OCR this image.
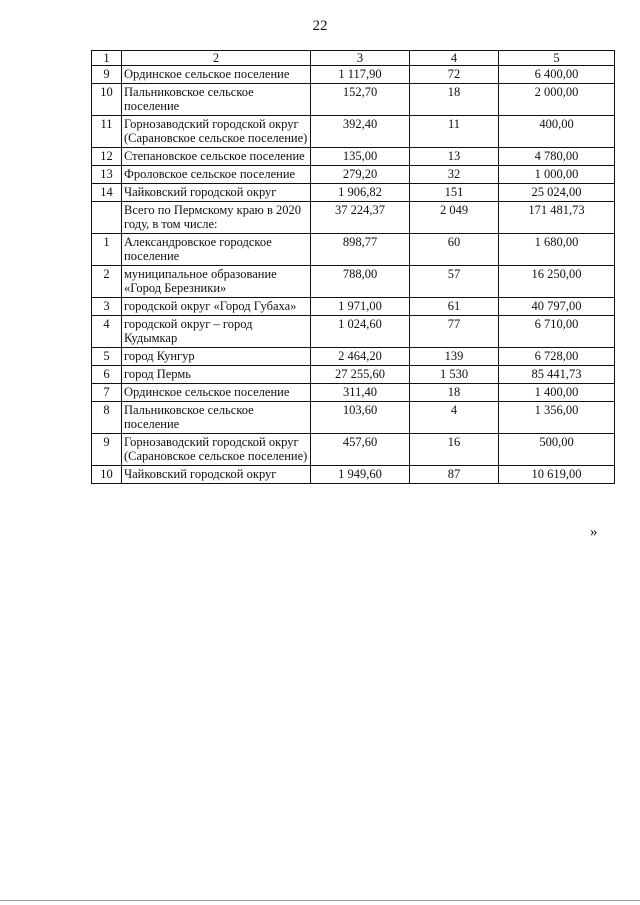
22
1	2	3	4	5
9	Ординское сельское поселение	1 117,90	72	6 400,00
10	Пальниковское сельское поселение	152,70	18	2 000,00
11	Горнозаводский городской округ (Сарановское сельское поселение)	392,40	11	400,00
12	Степановское сельское поселение	135,00	13	4 780,00
13	Фроловское сельское поселение	279,20	32	1 000,00
14	Чайковский городской округ	1 906,82	151	25 024,00
	Всего по Пермскому краю в 2020 году, в том числе:	37 224,37	2 049	171 481,73
1	Александровское городское поселение	898,77	60	1 680,00
2	муниципальное образование «Город Березники»	788,00	57	16 250,00
3	городской округ «Город Губаха»	1 971,00	61	40 797,00
4	городской округ – город Кудымкар	1 024,60	77	6 710,00
5	город Кунгур	2 464,20	139	6 728,00
6	город Пермь	27 255,60	1 530	85 441,73
7	Ординское сельское поселение	311,40	18	1 400,00
8	Пальниковское сельское поселение	103,60	4	1 356,00
9	Горнозаводский городской округ (Сарановское сельское поселение)	457,60	16	500,00
10	Чайковский городской округ	1 949,60	87	10 619,00
»
